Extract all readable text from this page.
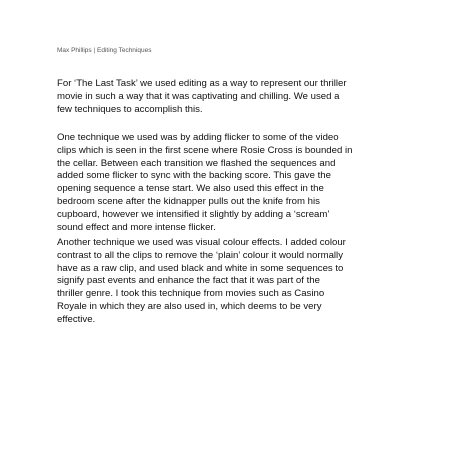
Max Phillips | Editing Techniques
For ‘The Last Task’ we used editing as a way to represent our thriller
movie in such a way that it was captivating and chilling. We used a
few techniques to accomplish this.
One technique we used was by adding flicker to some of the video
clips which is seen in the first scene where Rosie Cross is bounded in
the cellar. Between each transition we flashed the sequences and
added some flicker to sync with the backing score. This gave the
opening sequence a tense start. We also used this effect in the
bedroom scene after the kidnapper pulls out the knife from his
cupboard, however we intensified it slightly by adding a ‘scream’
sound effect and more intense flicker.
Another technique we used was visual colour effects. I added colour
contrast to all the clips to remove the ‘plain’ colour it would normally
have as a raw clip, and used black and white in some sequences to
signify past events and enhance the fact that it was part of the
thriller genre. I took this technique from movies such as Casino
Royale in which they are also used in, which deems to be very
effective.
